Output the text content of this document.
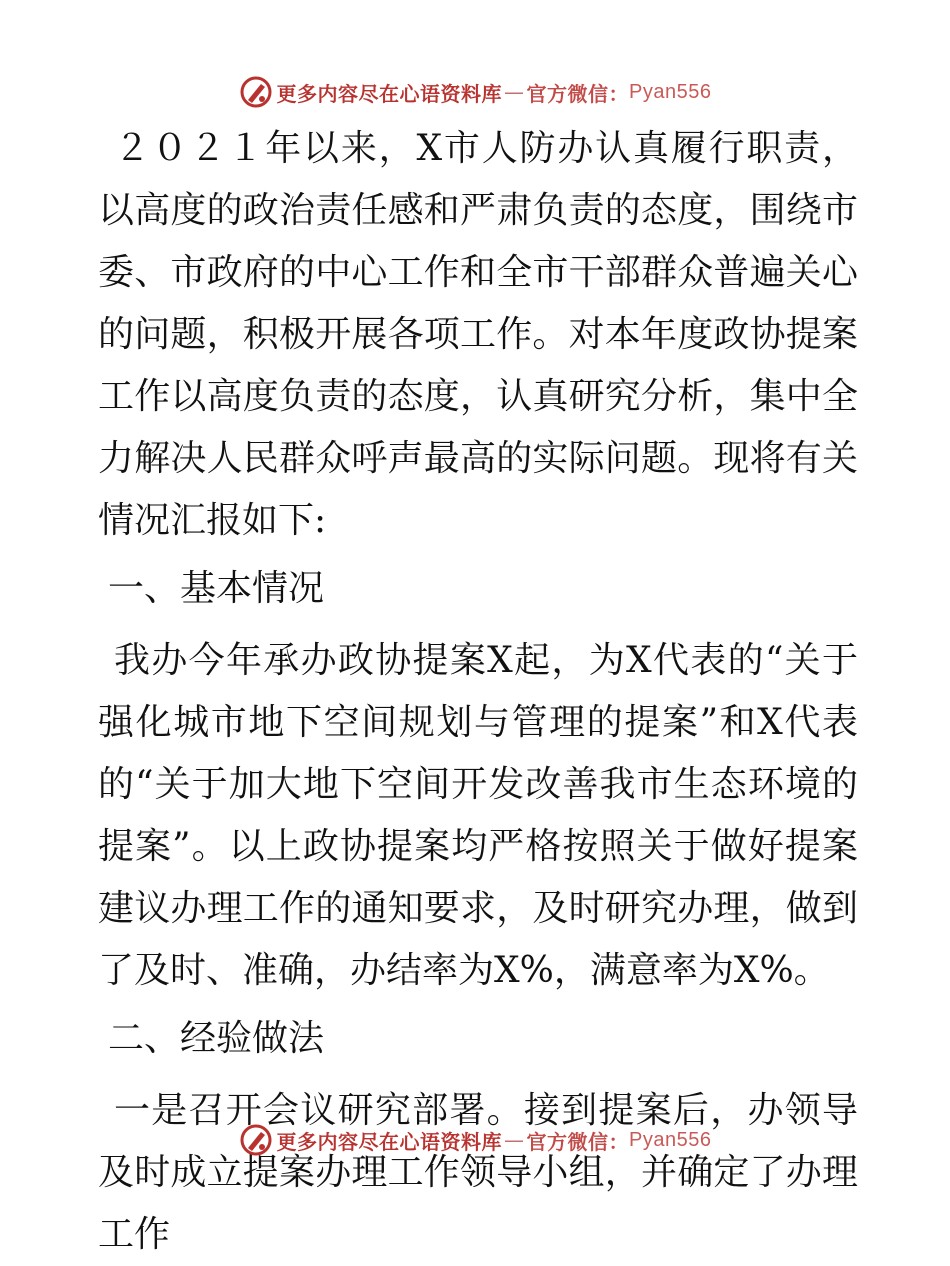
更多内容尽在心语资料库 — 官方微信： Pyan556

２０２１年以来，X市人防办认真履行职责，以高度的政治责任感和严肃负责的态度，围绕市委、市政府的中心工作和全市干部群众普遍关心的问题，积极开展各项工作。对本年度政协提案工作以高度负责的态度，认真研究分析，集中全力解决人民群众呼声最高的实际问题。现将有关情况汇报如下:

一、基本情况

我办今年承办政协提案X起，为X代表的“关于强化城市地下空间规划与管理的提案”和X代表的“关于加大地下空间开发改善我市生态环境的提案”。以上政协提案均严格按照关于做好提案建议办理工作的通知要求，及时研究办理，做到了及时、准确，办结率为X%，满意率为X%。

二、经验做法

一是召开会议研究部署。接到提案后，办领导及时成立提案办理工作领导小组，并确定了办理工作

更多内容尽在心语资料库 — 官方微信： Pyan556
